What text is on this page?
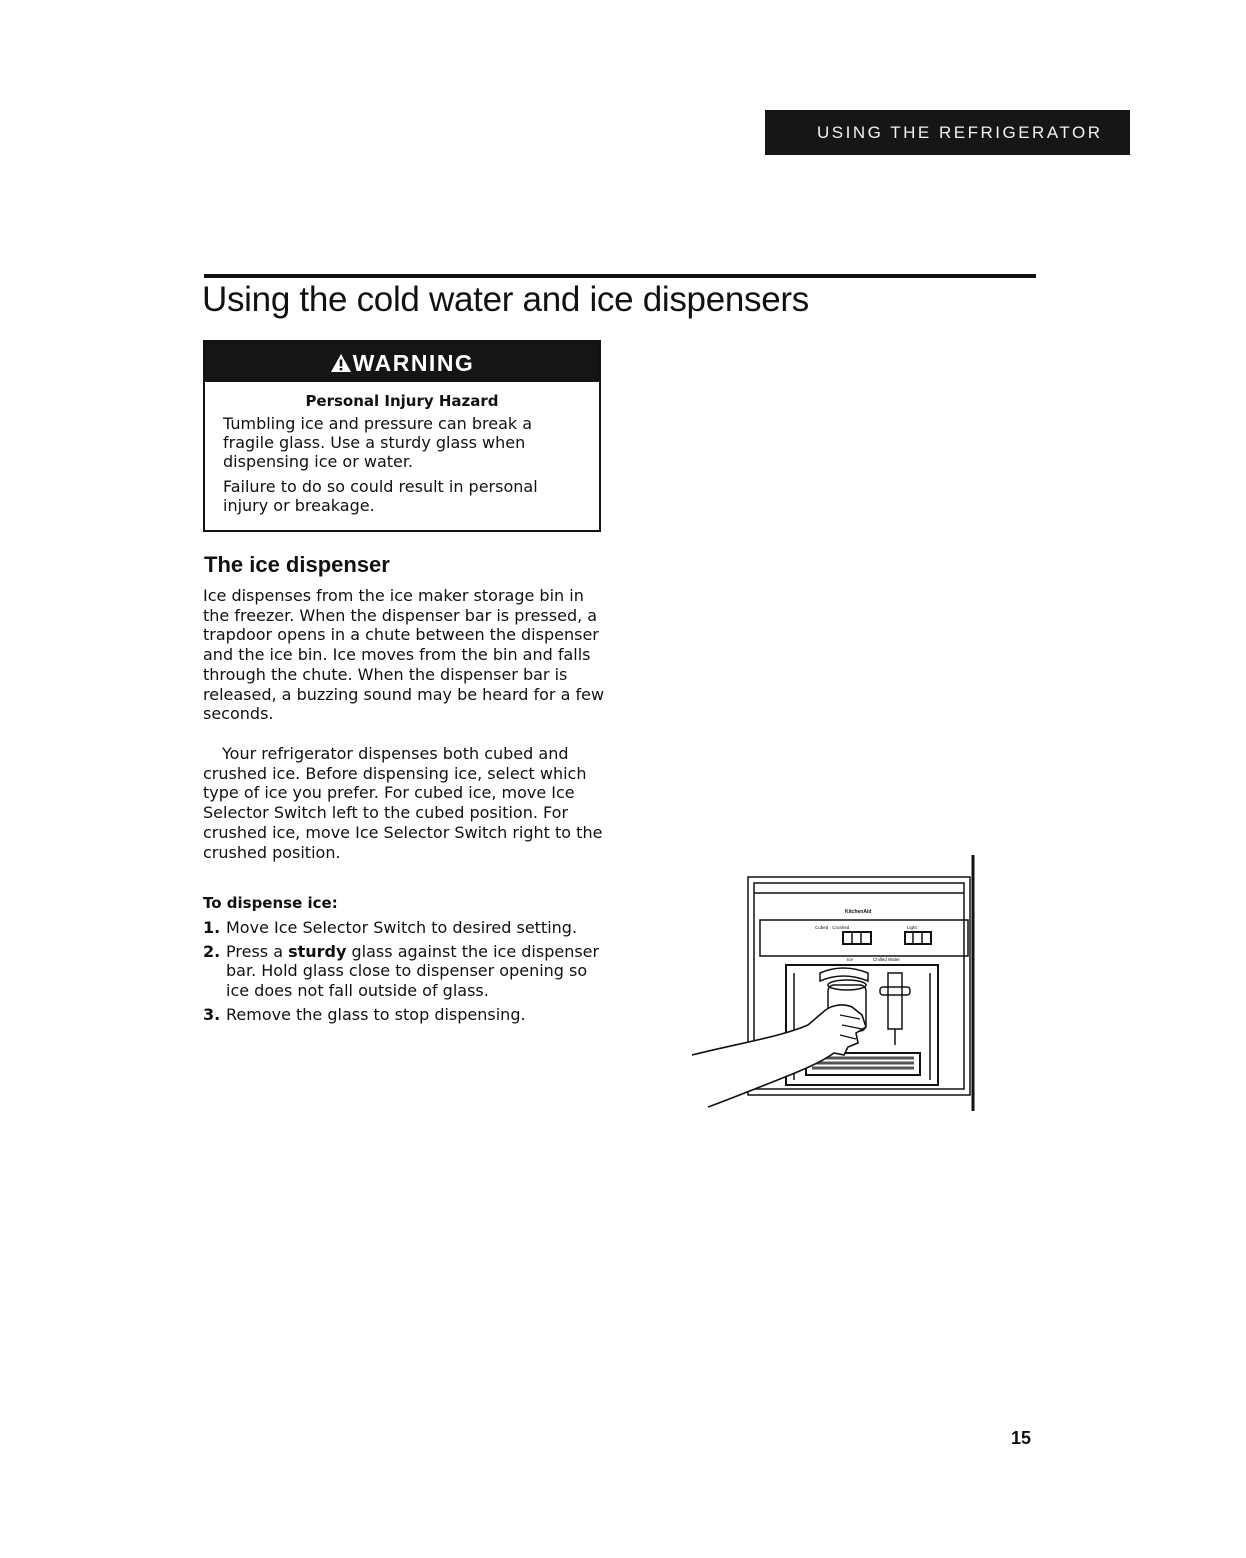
USING THE REFRIGERATOR
Using the cold water and ice dispensers
WARNING
Personal Injury Hazard

Tumbling ice and pressure can break a fragile glass. Use a sturdy glass when dispensing ice or water.

Failure to do so could result in personal injury or breakage.

The ice dispenser

Ice dispenses from the ice maker storage bin in the freezer. When the dispenser bar is pressed, a trapdoor opens in a chute between the dispenser and the ice bin. Ice moves from the bin and falls through the chute. When the dispenser bar is released, a buzzing sound may be heard for a few seconds.

Your refrigerator dispenses both cubed and crushed ice. Before dispensing ice, select which type of ice you prefer. For cubed ice, move Ice Selector Switch left to the cubed position. For crushed ice, move Ice Selector Switch right to the crushed position.

To dispense ice:
1. Move Ice Selector Switch to desired setting.
2. Press a sturdy glass against the ice dispenser bar. Hold glass close to dispenser opening so ice does not fall outside of glass.
3. Remove the glass to stop dispensing.
KitchenAid
Cubed · Crushed	Light
Ice	Chilled Water
15
